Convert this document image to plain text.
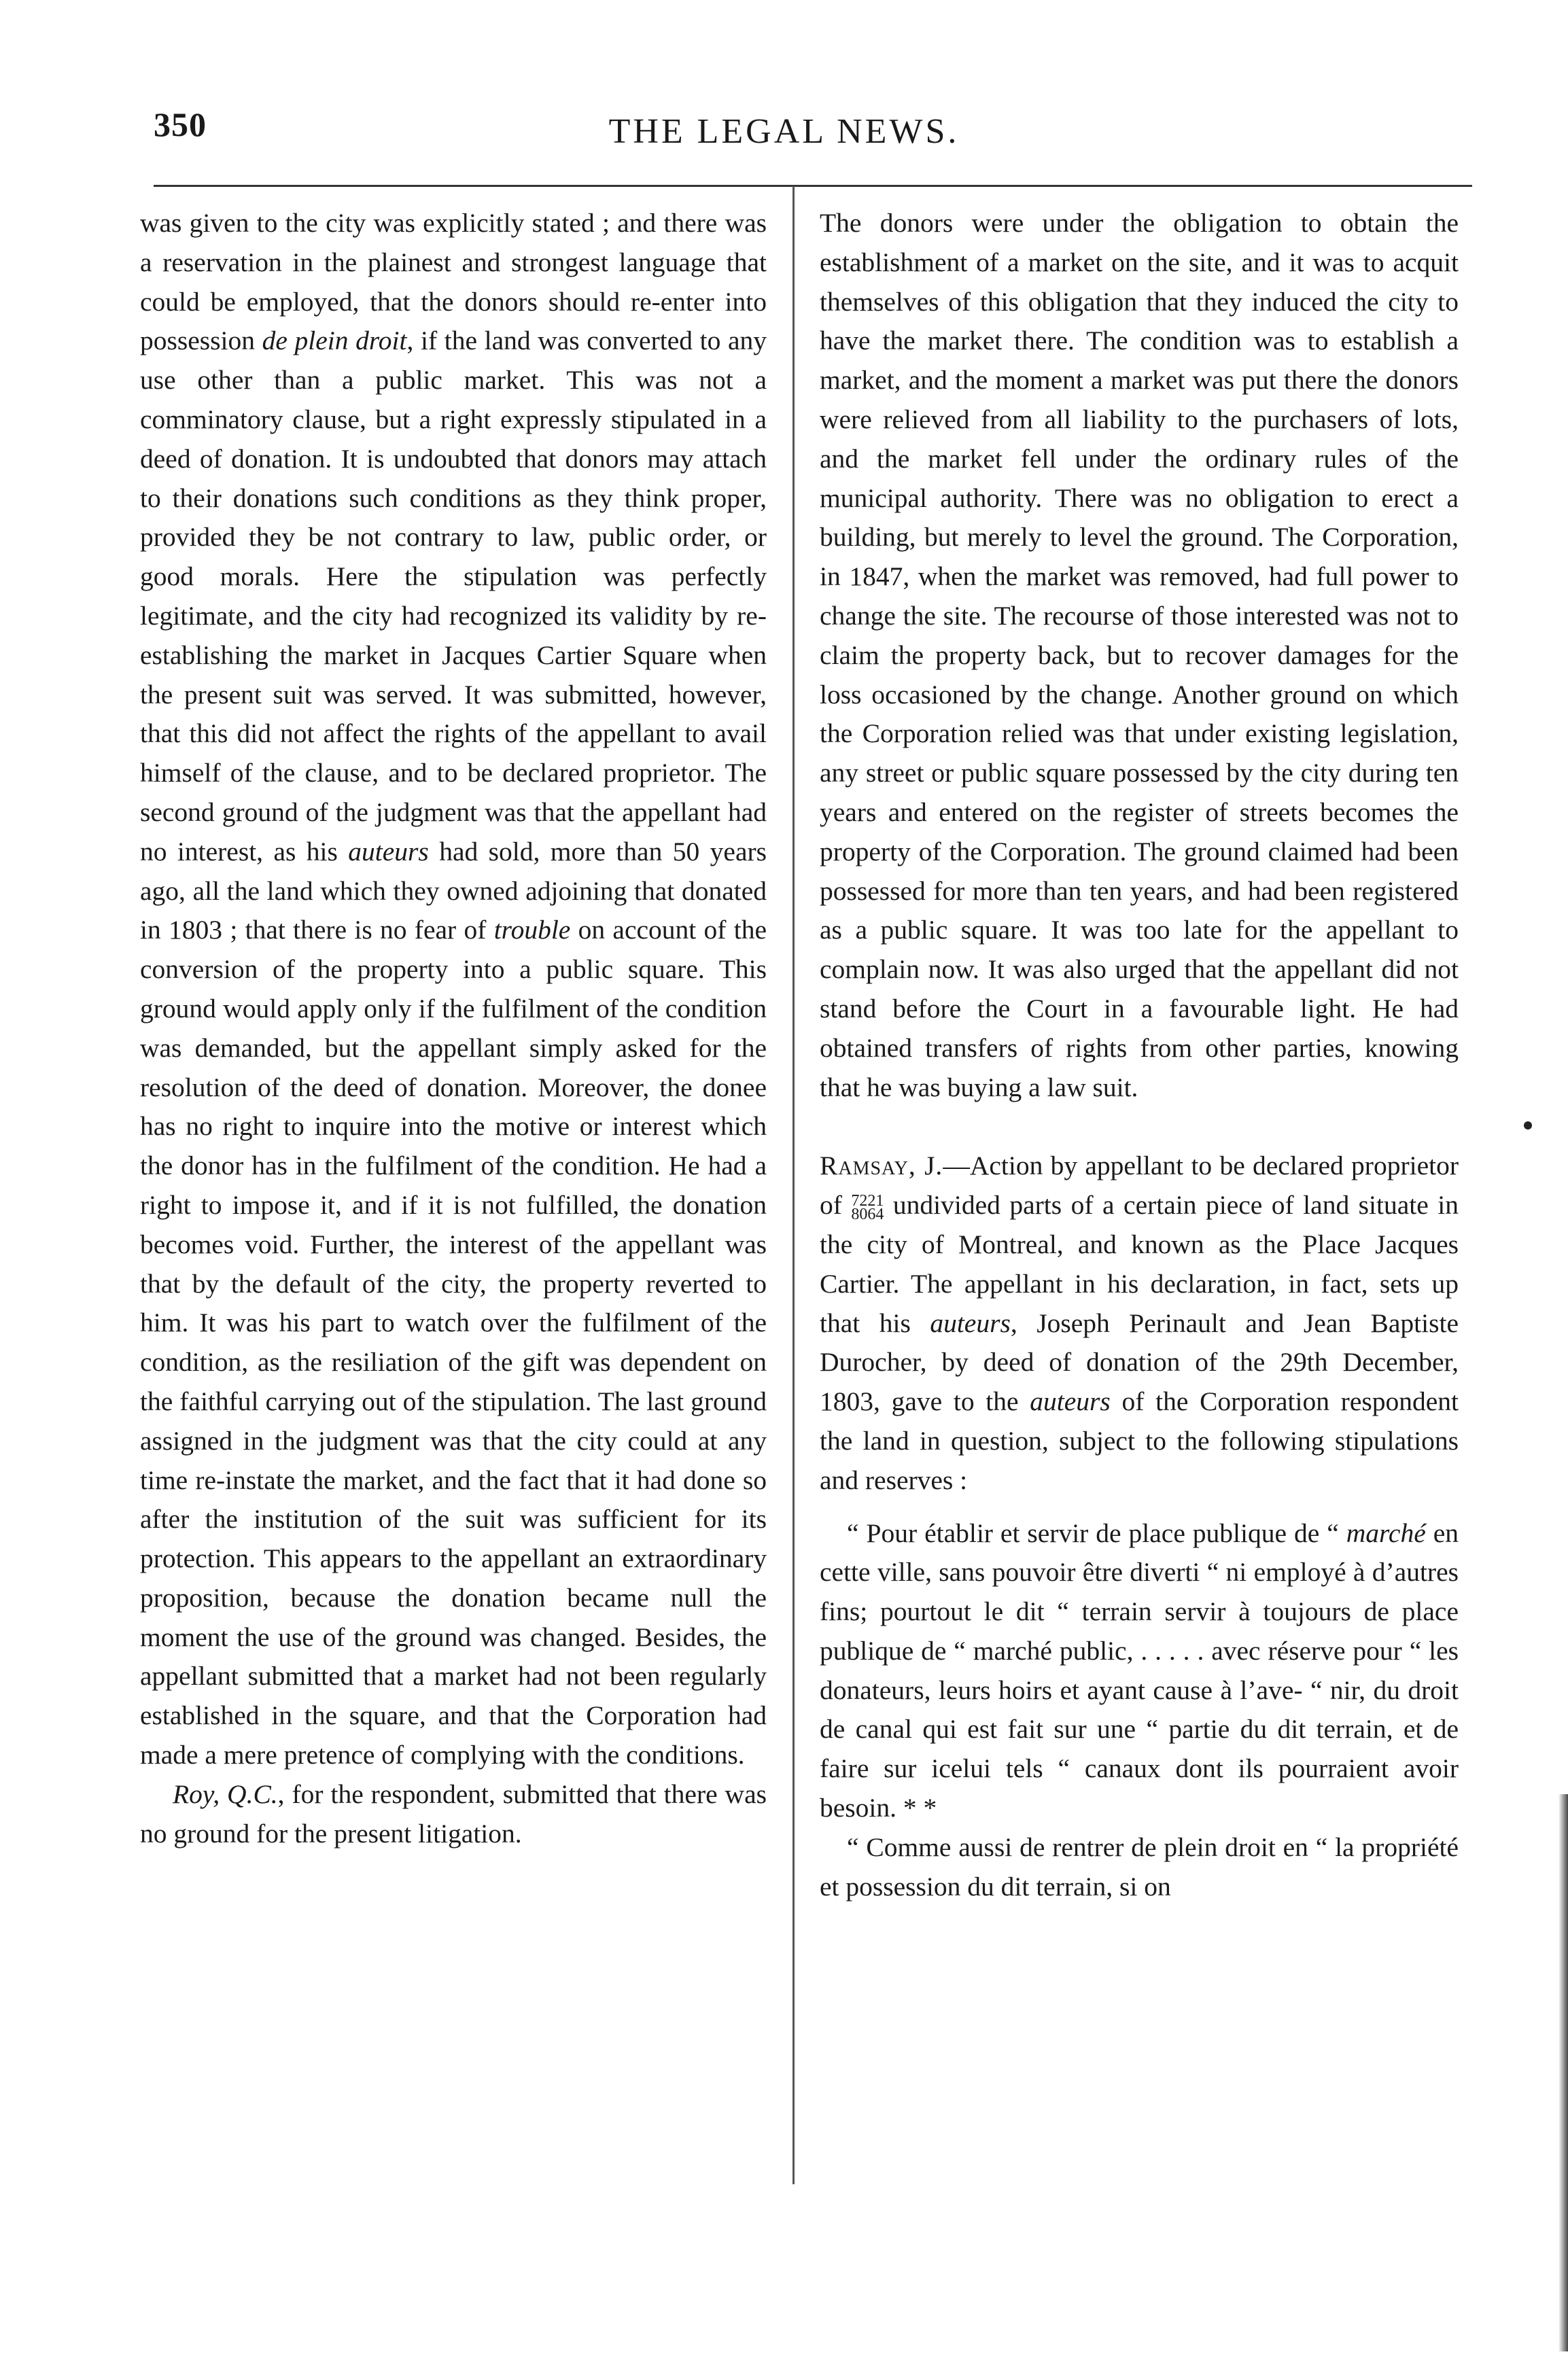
350	THE LEGAL NEWS.

was given to the city was explicitly stated ; and there was a reservation in the plainest and strongest language that could be employed, that the donors should re-enter into possession de plein droit, if the land was converted to any use other than a public market. This was not a comminatory clause, but a right expressly stipulated in a deed of donation. It is undoubted that donors may attach to their donations such conditions as they think proper, provided they be not contrary to law, public order, or good morals. Here the stipulation was perfectly legitimate, and the city had recognized its validity by re-establishing the market in Jacques Cartier Square when the present suit was served. It was submitted, however, that this did not affect the rights of the appellant to avail himself of the clause, and to be declared proprietor. The second ground of the judgment was that the appellant had no interest, as his auteurs had sold, more than 50 years ago, all the land which they owned adjoining that donated in 1803 ; that there is no fear of trouble on account of the conversion of the property into a public square. This ground would apply only if the fulfilment of the condition was demanded, but the appellant simply asked for the resolution of the deed of donation. Moreover, the donee has no right to inquire into the motive or interest which the donor has in the fulfilment of the condition. He had a right to impose it, and if it is not fulfilled, the donation becomes void. Further, the interest of the appellant was that by the default of the city, the property reverted to him. It was his part to watch over the fulfilment of the condition, as the resiliation of the gift was dependent on the faithful carrying out of the stipulation. The last ground assigned in the judgment was that the city could at any time re-instate the market, and the fact that it had done so after the institution of the suit was sufficient for its protection. This appears to the appellant an extraordinary proposition, because the donation became null the moment the use of the ground was changed. Besides, the appellant submitted that a market had not been regularly established in the square, and that the Corporation had made a mere pretence of complying with the conditions.

Roy, Q.C., for the respondent, submitted that there was no ground for the present litigation.

The donors were under the obligation to obtain the establishment of a market on the site, and it was to acquit themselves of this obligation that they induced the city to have the market there. The condition was to establish a market, and the moment a market was put there the donors were relieved from all liability to the purchasers of lots, and the market fell under the ordinary rules of the municipal authority. There was no obligation to erect a building, but merely to level the ground. The Corporation, in 1847, when the market was removed, had full power to change the site. The recourse of those interested was not to claim the property back, but to recover damages for the loss occasioned by the change. Another ground on which the Corporation relied was that under existing legislation, any street or public square possessed by the city during ten years and entered on the register of streets becomes the property of the Corporation. The ground claimed had been possessed for more than ten years, and had been registered as a public square. It was too late for the appellant to complain now. It was also urged that the appellant did not stand before the Court in a favourable light. He had obtained transfers of rights from other parties, knowing that he was buying a law suit.

Ramsay, J.—Action by appellant to be declared proprietor of 7221
8064 undivided parts of a certain piece of land situate in the city of Montreal, and known as the Place Jacques Cartier. The appellant in his declaration, in fact, sets up that his auteurs, Joseph Perinault and Jean Baptiste Durocher, by deed of donation of the 29th December, 1803, gave to the auteurs of the Corporation respondent the land in question, subject to the following stipulations and reserves :

“ Pour établir et servir de place publique de “ marché en cette ville, sans pouvoir être diverti “ ni employé à d’autres fins; pourtout le dit “ terrain servir à toujours de place publique de “ marché public, . . . . . avec réserve pour “ les donateurs, leurs hoirs et ayant cause à l’ave- “ nir, du droit de canal qui est fait sur une “ partie du dit terrain, et de faire sur icelui tels “ canaux dont ils pourraient avoir besoin. * *

“ Comme aussi de rentrer de plein droit en “ la propriété et possession du dit terrain, si on
